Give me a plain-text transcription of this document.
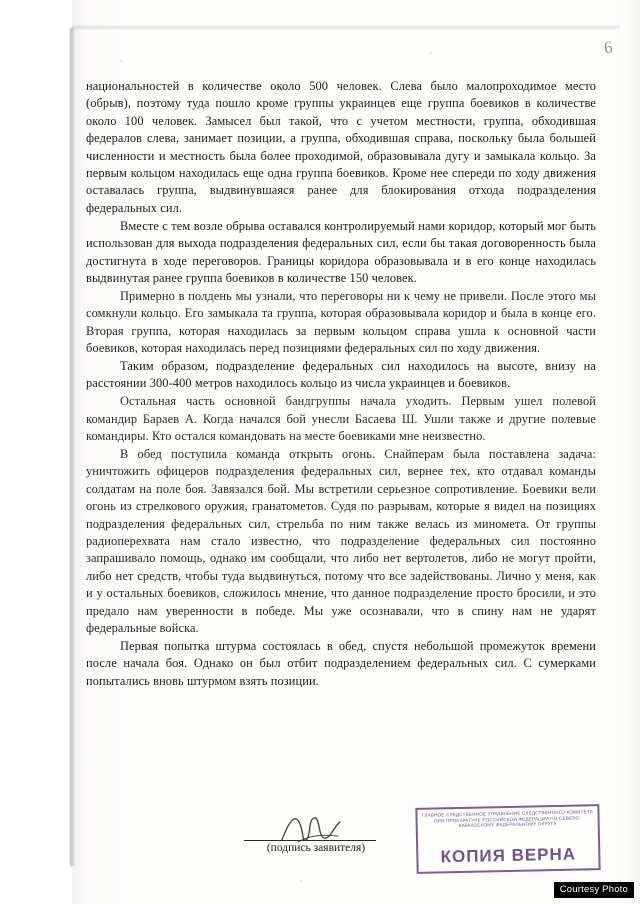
6

национальностей в количестве около 500 человек. Слева было малопроходимое место (обрыв), поэтому туда пошло кроме группы украинцев еще группа боевиков в количестве около 100 человек. Замысел был такой, что с учетом местности, группа, обходившая федералов слева, занимает позиции, а группа, обходившая справа, поскольку была большей численности и местность была более проходимой, образовывала дугу и замыкала кольцо. За первым кольцом находилась еще одна группа боевиков. Кроме нее спереди по ходу движения оставалась группа, выдвинувшаяся ранее для блокирования отхода подразделения федеральных сил.

Вместе с тем возле обрыва оставался контролируемый нами коридор, который мог быть использован для выхода подразделения федеральных сил, если бы такая договоренность была достигнута в ходе переговоров. Границы коридора образовывала и в его конце находилась выдвинутая ранее группа боевиков в количестве 150 человек.

Примерно в полдень мы узнали, что переговоры ни к чему не привели. После этого мы сомкнули кольцо. Его замыкала та группа, которая образовывала коридор и была в конце его. Вторая группа, которая находилась за первым кольцом справа ушла к основной части боевиков, которая находилась перед позициями федеральных сил по ходу движения.

Таким образом, подразделение федеральных сил находилось на высоте, внизу на расстоянии 300-400 метров находилось кольцо из числа украинцев и боевиков.

Остальная часть основной бандгруппы начала уходить. Первым ушел полевой командир Бараев А. Когда начался бой унесли Басаева Ш. Ушли также и другие полевые командиры. Кто остался командовать на месте боевиками мне неизвестно.

В обед поступила команда открыть огонь. Снайперам была поставлена задача: уничтожить офицеров подразделения федеральных сил, вернее тех, кто отдавал команды солдатам на поле боя. Завязался бой. Мы встретили серьезное сопротивление. Боевики вели огонь из стрелкового оружия, гранатометов. Судя по разрывам, которые я видел на позициях подразделения федеральных сил, стрельба по ним также велась из миномета. От группы радиоперехвата нам стало известно, что подразделение федеральных сил постоянно запрашивало помощь, однако им сообщали, что либо нет вертолетов, либо не могут пройти, либо нет средств, чтобы туда выдвинуться, потому что все задействованы. Лично у меня, как и у остальных боевиков, сложилось мнение, что данное подразделение просто бросили, и это предало нам уверенности в победе. Мы уже осознавали, что в спину нам не ударят федеральные войска.

Первая попытка штурма состоялась в обед, спустя небольшой промежуток времени после начала боя. Однако он был отбит подразделением федеральных сил. С сумерками попытались вновь штурмом взять позиции.

(подпись заявителя)
ГЛАВНОЕ СЛЕДСТВЕННОЕ УПРАВЛЕНИЕ СЛЕДСТВЕННОГО КОМИТЕТА ПРИ ПРОКУРАТУРЕ РОССИЙСКОЙ ФЕДЕРАЦИИ ПО СЕВЕРО-КАВКАЗСКОМУ ФЕДЕРАЛЬНОМУ ОКРУГУ
КОПИЯ ВЕРНА
Courtesy Photo
